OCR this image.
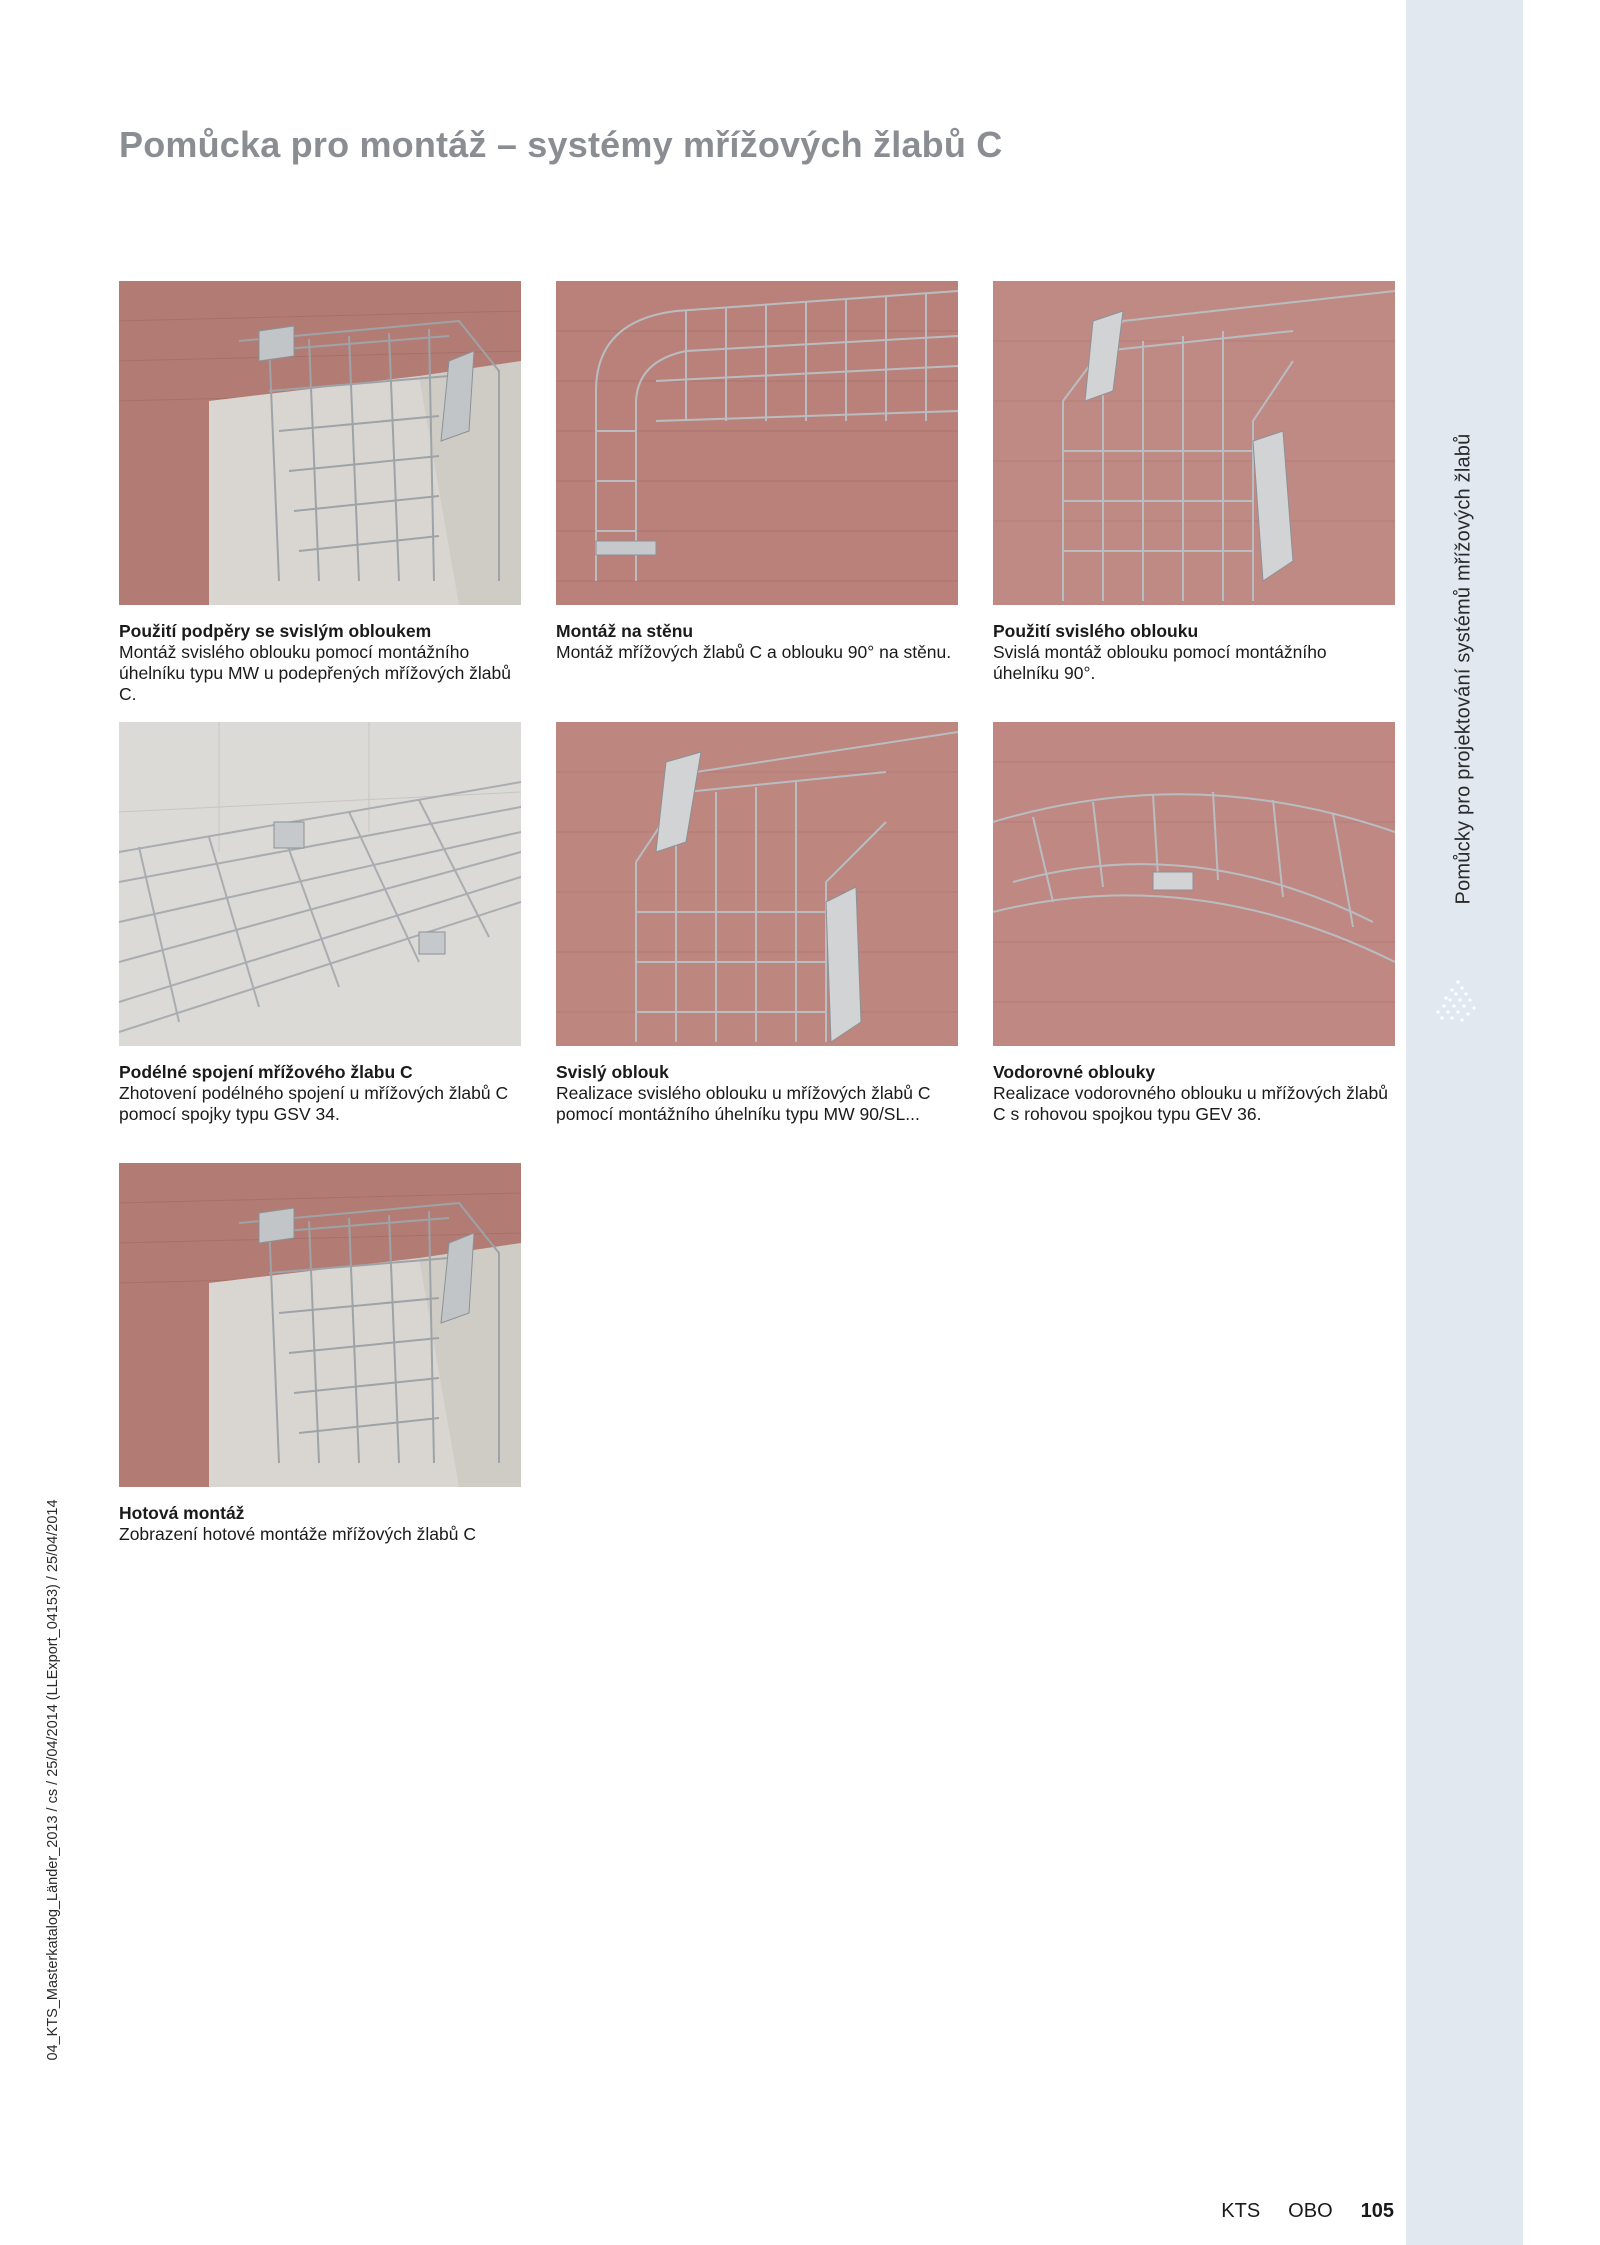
Pomůcky pro projektování systémů mřížových žlabů
Pomůcka pro montáž – systémy mřížových žlabů C
Použití podpěry se svislým obloukem
Montáž svislého oblouku pomocí montážního úhelníku typu MW u podepřených mřížových žlabů C.
Montáž na stěnu
Montáž mřížových žlabů C a oblouku 90° na stěnu.
Použití svislého oblouku
Svislá montáž oblouku pomocí montážního úhelníku 90°.
Podélné spojení mřížového žlabu C
Zhotovení podélného spojení u mřížových žlabů C pomocí spojky typu GSV 34.
Svislý oblouk
Realizace svislého oblouku u mřížových žlabů C pomocí montážního úhelníku typu MW 90/SL...
Vodorovné oblouky
Realizace vodorovného oblouku u mřížových žlabů C s rohovou spojkou typu GEV 36.
Hotová montáž
Zobrazení hotové montáže mřížových žlabů C
04_KTS_Masterkatalog_Länder_2013 / cs / 25/04/2014 (LLExport_04153) / 25/04/2014
KTS OBO 105
